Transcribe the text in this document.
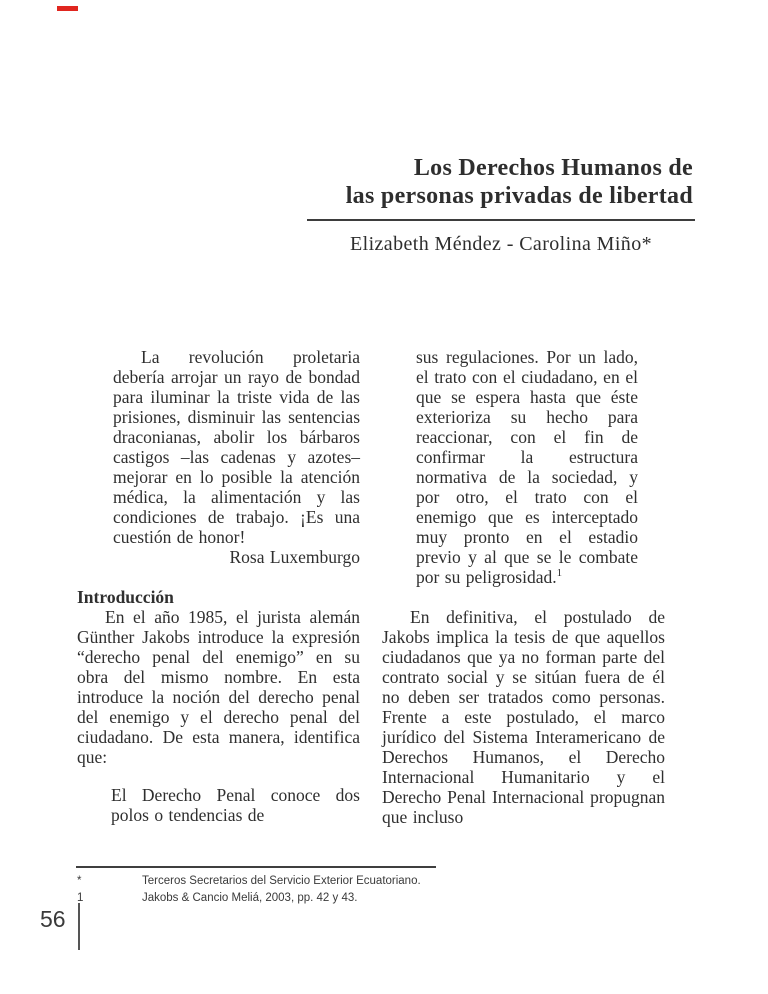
Los Derechos Humanos de
las personas privadas de libertad
Elizabeth Méndez - Carolina Miño*

La revolución proletaria debería arrojar un rayo de bondad para iluminar la triste vida de las prisiones, disminuir las sentencias draconianas, abolir los bárbaros castigos –las cadenas y azotes– mejorar en lo posible la atención médica, la alimentación y las condiciones de trabajo. ¡Es una cuestión de honor!

Rosa Luxemburgo

Introducción

En el año 1985, el jurista alemán Günther Jakobs introduce la expresión “derecho penal del enemigo” en su obra del mismo nombre. En esta introduce la noción del derecho penal del enemigo y el derecho penal del ciudadano. De esta manera, identifica que:

El Derecho Penal conoce dos polos o tendencias de

sus regulaciones. Por un lado, el trato con el ciudadano, en el que se espera hasta que éste exterioriza su hecho para reaccionar, con el fin de confirmar la estructura normativa de la sociedad, y por otro, el trato con el enemigo que es interceptado muy pronto en el estadio previo y al que se le combate por su peligrosidad.$^1$

En definitiva, el postulado de Jakobs implica la tesis de que aquellos ciudadanos que ya no forman parte del contrato social y se sitúan fuera de él no deben ser tratados como personas. Frente a este postulado, el marco jurídico del Sistema Interamericano de Derechos Humanos, el Derecho Internacional Humanitario y el Derecho Penal Internacional propugnan que incluso

*	Terceros Secretarios del Servicio Exterior Ecuatoriano.
1	Jakobs & Cancio Meliá, 2003, pp. 42 y 43.
56
